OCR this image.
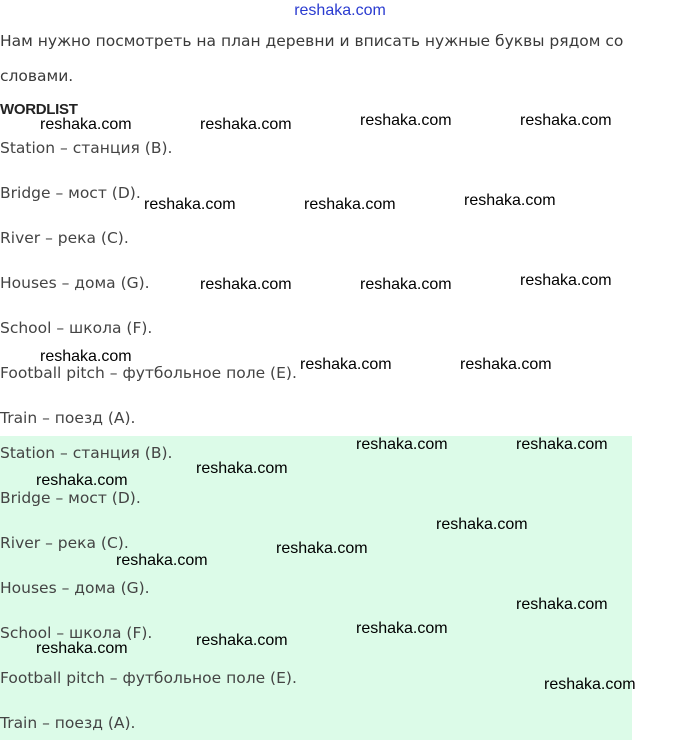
reshaka.com
Нам нужно посмотреть на план деревни и вписать нужные буквы рядом со словами.
WORDLIST
Station – станция (B).
Bridge – мост (D).
River – река (C).
Houses – дома (G).
School – школа (F).
Football pitch – футбольное поле (E).
Train – поезд (A).
Station – станция (B).
Bridge – мост (D).
River – река (C).
Houses – дома (G).
School – школа (F).
Football pitch – футбольное поле (E).
Train – поезд (A).
reshaka.com	reshaka.com	reshaka.com	reshaka.com
reshaka.com	reshaka.com	reshaka.com
reshaka.com	reshaka.com	reshaka.com
reshaka.com	reshaka.com	reshaka.com
reshaka.com	reshaka.com
reshaka.com
reshaka.com
reshaka.com
reshaka.com
reshaka.com
reshaka.com
reshaka.com
reshaka.com
reshaka.com
reshaka.com
